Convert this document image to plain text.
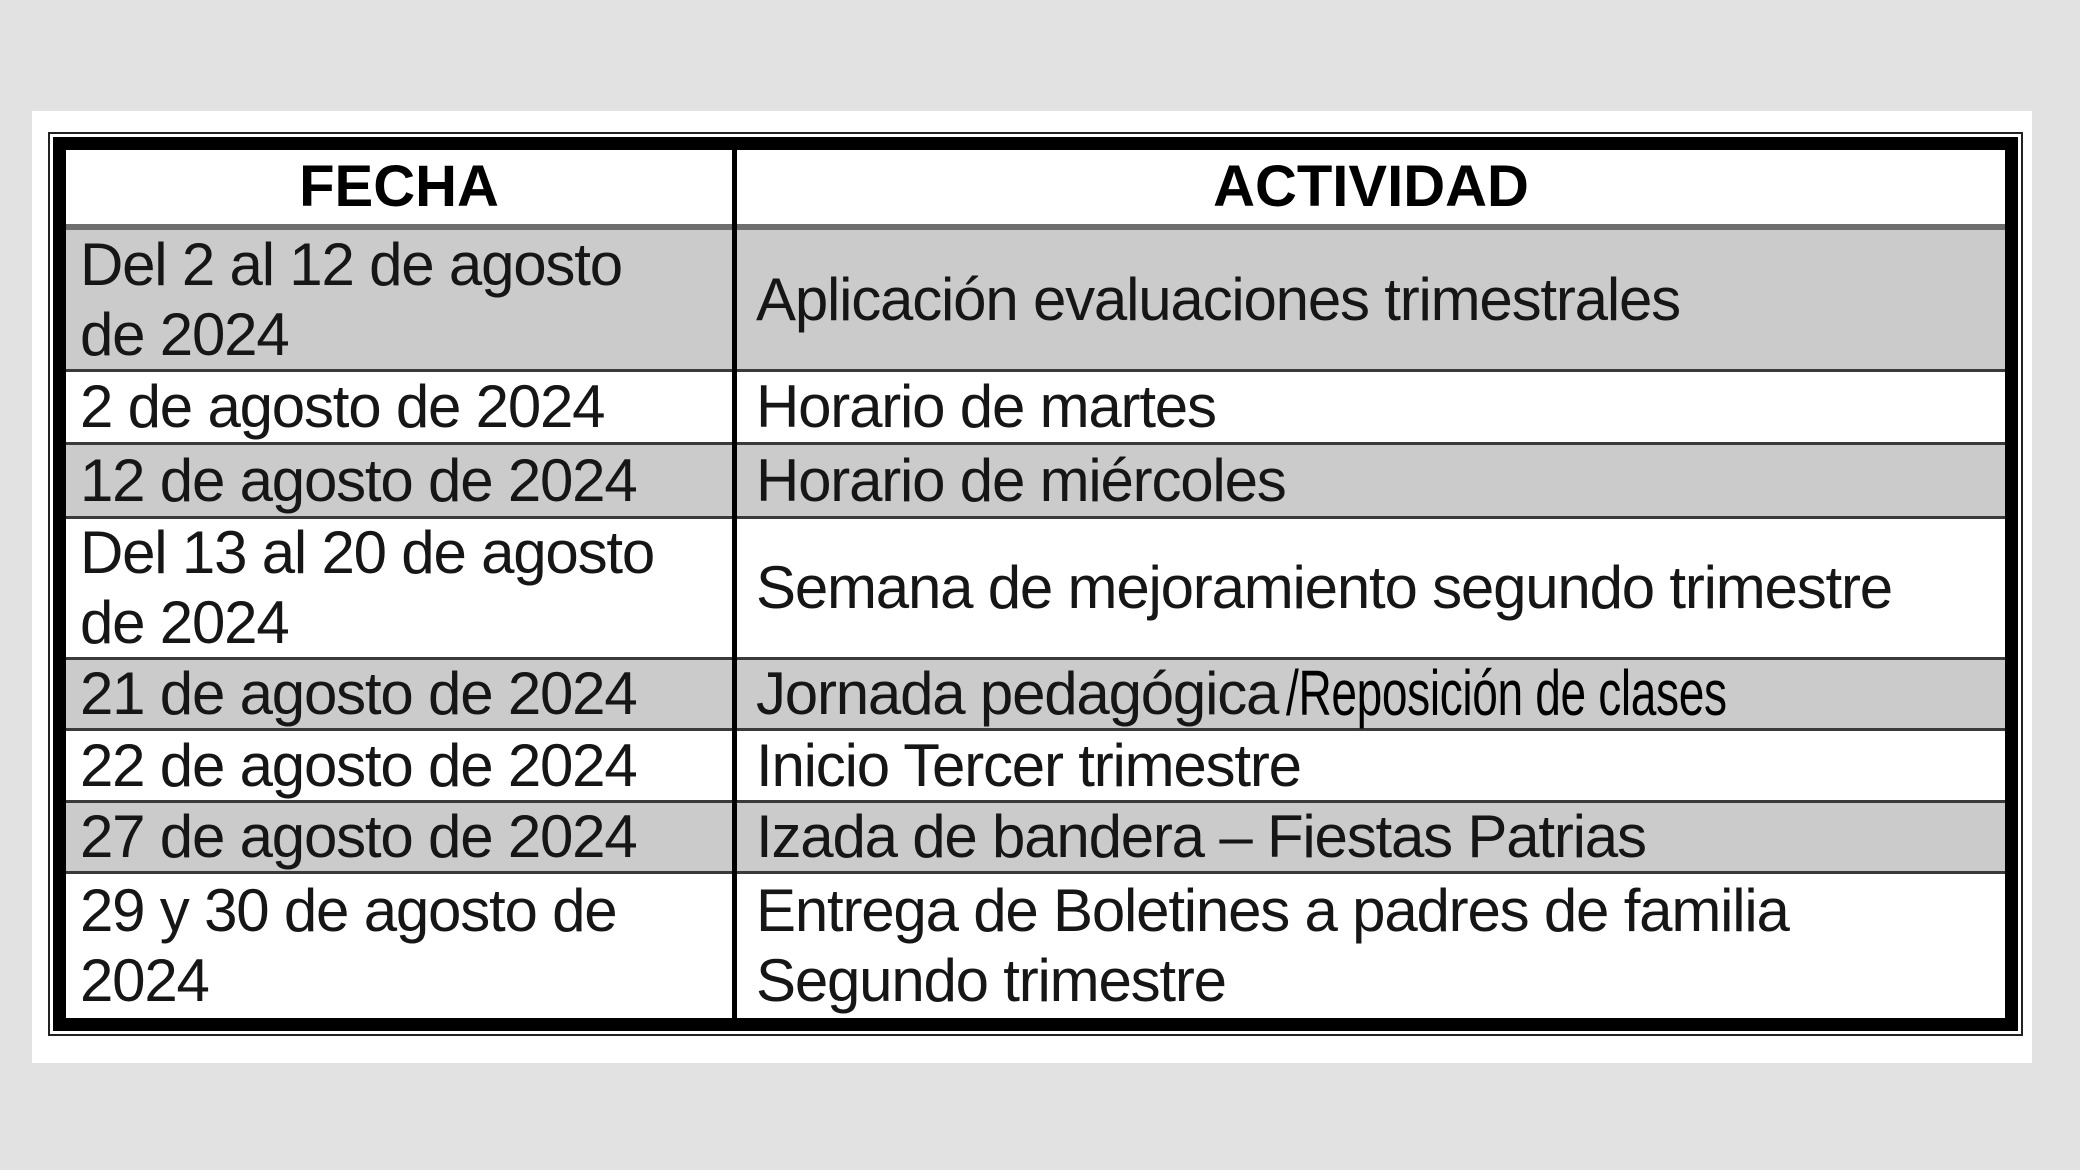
FECHA	ACTIVIDAD
Del 2 al 12 de agosto
de 2024
Aplicación evaluaciones trimestrales
2 de agosto de 2024	Horario de martes
12 de agosto de 2024 Horario de miércoles
Del 13 al 20 de agosto
de 2024
Semana de mejoramiento segundo trimestre
21 de agosto de 2024 Jornada pedagógica /Reposición de clases
22 de agosto de 2024 Inicio Tercer trimestre
27 de agosto de 2024 Izada de bandera – Fiestas Patrias
29 y 30 de agosto de
2024
Entrega de Boletines a padres de familia
Segundo trimestre
